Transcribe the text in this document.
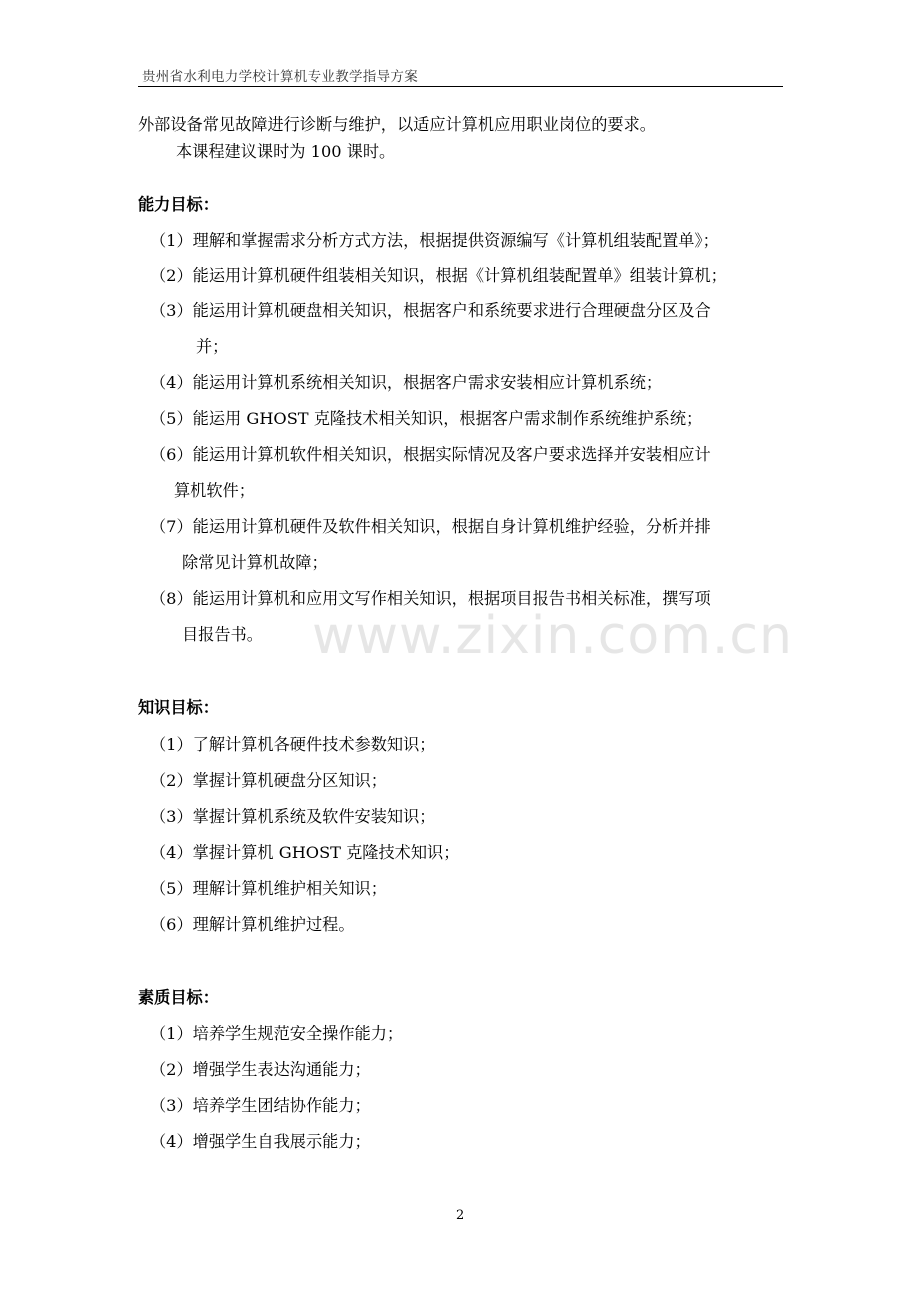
贵州省水利电力学校计算机专业教学指导方案
www.zixin.com.cn
外部设备常见故障进行诊断与维护，以适应计算机应用职业岗位的要求。
本课程建议课时为 100 课时。
能力目标：
（1）理解和掌握需求分析方式方法，根据提供资源编写《计算机组装配置单》；
（2）能运用计算机硬件组装相关知识，根据《计算机组装配置单》组装计算机；
（3）能运用计算机硬盘相关知识，根据客户和系统要求进行合理硬盘分区及合
并；
（4）能运用计算机系统相关知识，根据客户需求安装相应计算机系统；
（5）能运用 GHOST 克隆技术相关知识，根据客户需求制作系统维护系统；
（6）能运用计算机软件相关知识，根据实际情况及客户要求选择并安装相应计
算机软件；
（7）能运用计算机硬件及软件相关知识，根据自身计算机维护经验，分析并排
除常见计算机故障；
（8）能运用计算机和应用文写作相关知识，根据项目报告书相关标准，撰写项
目报告书。
知识目标：
（1）了解计算机各硬件技术参数知识；
（2）掌握计算机硬盘分区知识；
（3）掌握计算机系统及软件安装知识；
（4）掌握计算机 GHOST 克隆技术知识；
（5）理解计算机维护相关知识；
（6）理解计算机维护过程。
素质目标：
（1）培养学生规范安全操作能力；
（2）增强学生表达沟通能力；
（3）培养学生团结协作能力；
（4）增强学生自我展示能力；
2
